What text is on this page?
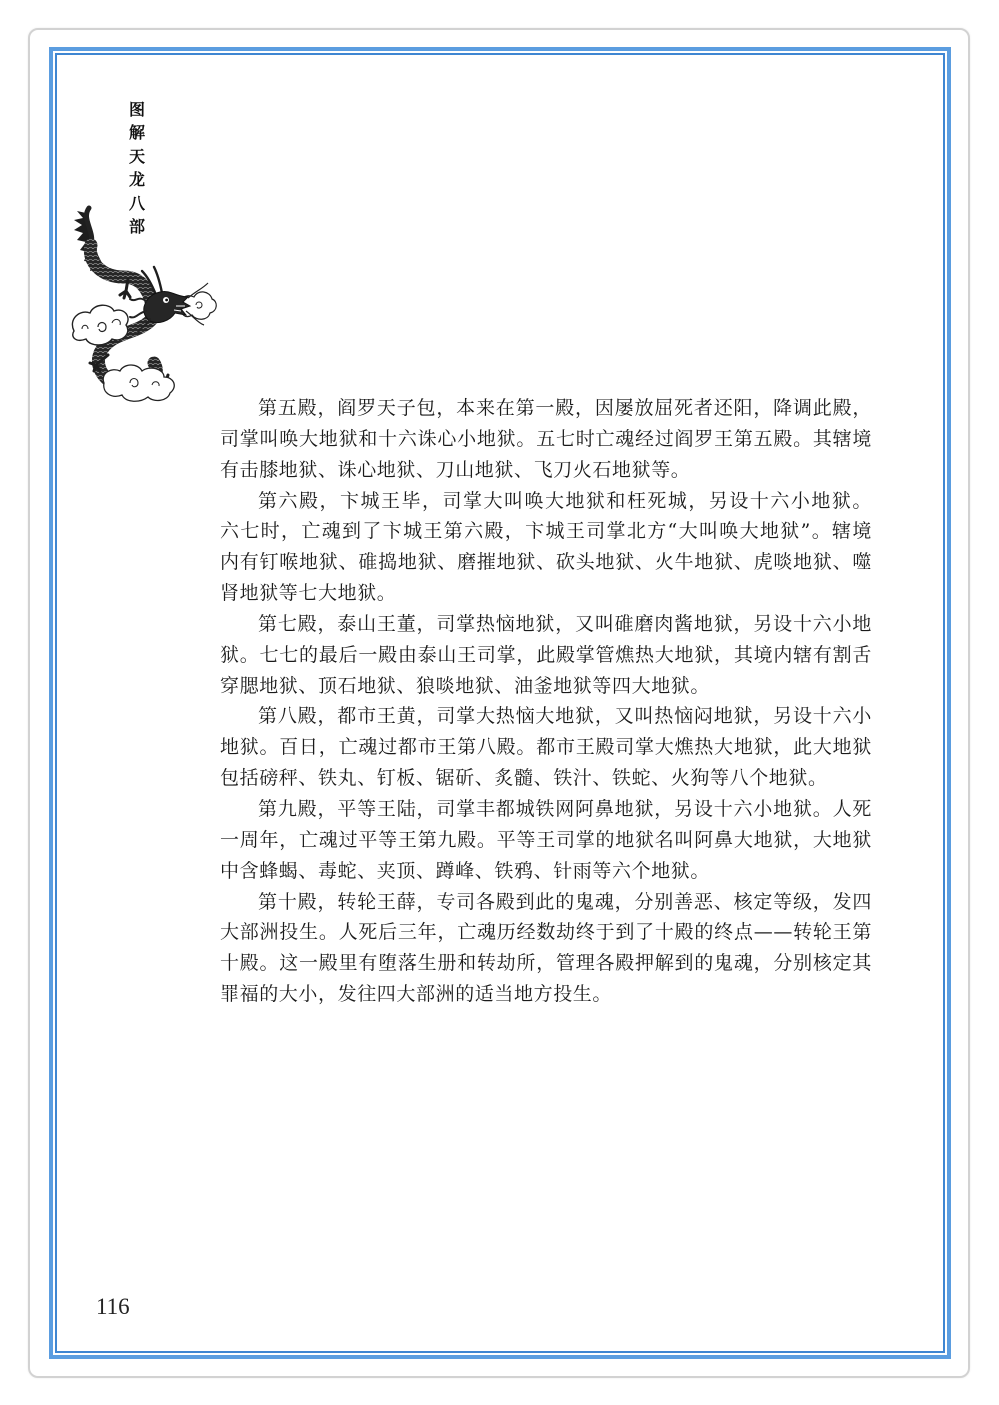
图解天龙八部
第五殿，阎罗天子包，本来在第一殿，因屡放屈死者还阳，降调此殿，
司掌叫唤大地狱和十六诛心小地狱。五七时亡魂经过阎罗王第五殿。其辖境
有击膝地狱、诛心地狱、刀山地狱、飞刀火石地狱等。
第六殿，卞城王毕，司掌大叫唤大地狱和枉死城，另设十六小地狱。
六七时，亡魂到了卞城王第六殿，卞城王司掌北方“大叫唤大地狱”。辖境
内有钉喉地狱、碓捣地狱、磨摧地狱、砍头地狱、火牛地狱、虎啖地狱、噬
肾地狱等七大地狱。
第七殿，泰山王董，司掌热恼地狱，又叫碓磨肉酱地狱，另设十六小地
狱。七七的最后一殿由泰山王司掌，此殿掌管燋热大地狱，其境内辖有割舌
穿腮地狱、顶石地狱、狼啖地狱、油釜地狱等四大地狱。
第八殿，都市王黄，司掌大热恼大地狱，又叫热恼闷地狱，另设十六小
地狱。百日，亡魂过都市王第八殿。都市王殿司掌大燋热大地狱，此大地狱
包括磅秤、铁丸、钉板、锯斫、炙髓、铁汁、铁蛇、火狗等八个地狱。
第九殿，平等王陆，司掌丰都城铁网阿鼻地狱，另设十六小地狱。人死
一周年，亡魂过平等王第九殿。平等王司掌的地狱名叫阿鼻大地狱，大地狱
中含蜂蝎、毒蛇、夹顶、蹲峰、铁鸦、针雨等六个地狱。
第十殿，转轮王薛，专司各殿到此的鬼魂，分别善恶、核定等级，发四
大部洲投生。人死后三年，亡魂历经数劫终于到了十殿的终点——转轮王第
十殿。这一殿里有堕落生册和转劫所，管理各殿押解到的鬼魂，分别核定其
罪福的大小，发往四大部洲的适当地方投生。
116
